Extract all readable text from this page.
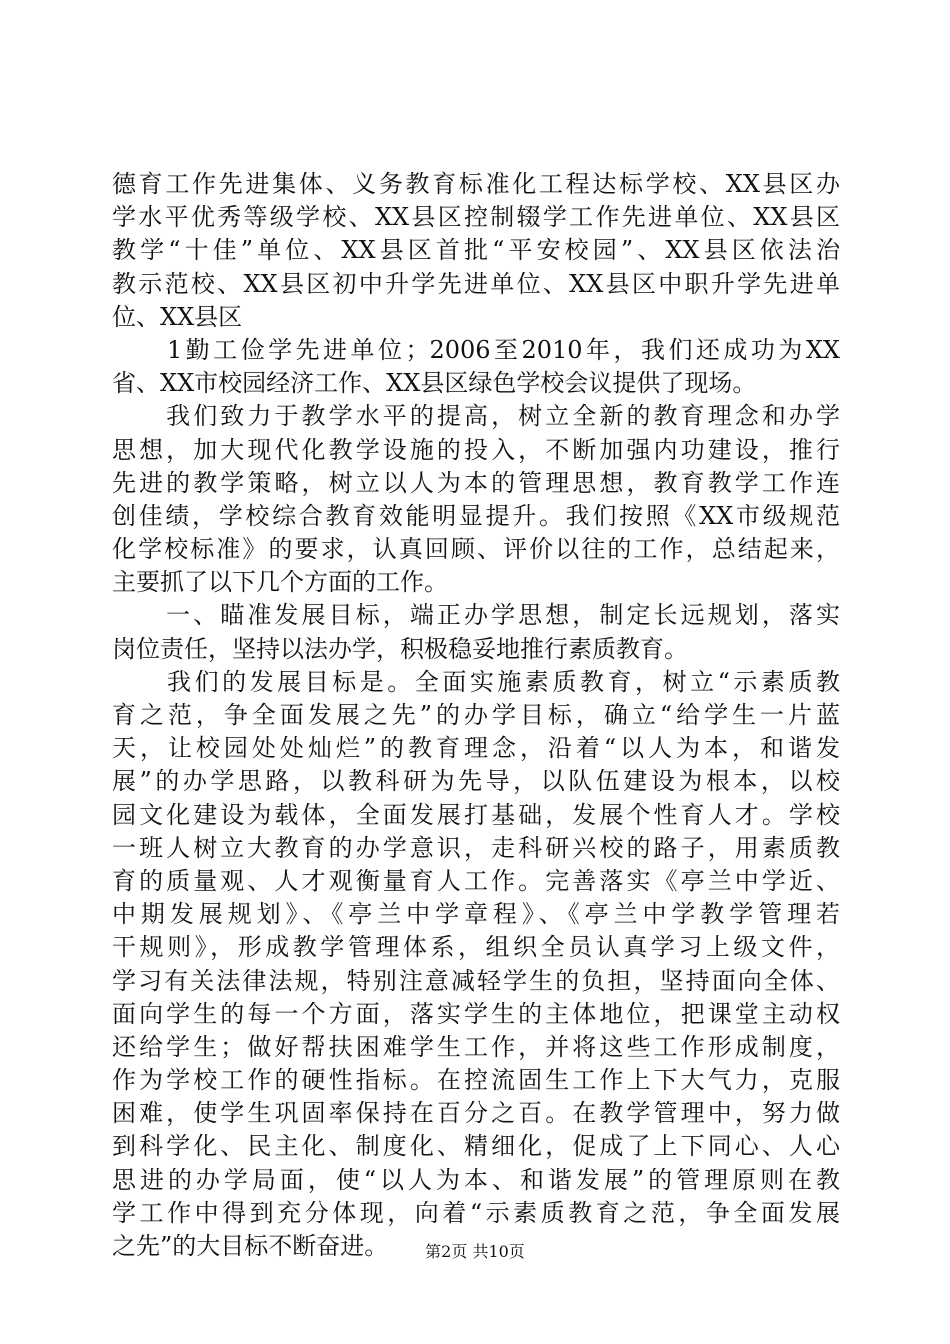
德育工作先进集体、义务教育标准化工程达标学校、XX县区办
学水平优秀等级学校、XX县区控制辍学工作先进单位、XX县区
教学“十佳”单位、XX县区首批“平安校园”、XX县区依法治
教示范校、XX县区初中升学先进单位、XX县区中职升学先进单
位、XX县区
　　1勤工俭学先进单位；2006至2010年，我们还成功为XX
省、XX市校园经济工作、XX县区绿色学校会议提供了现场。
　　我们致力于教学水平的提高，树立全新的教育理念和办学
思想，加大现代化教学设施的投入，不断加强内功建设，推行
先进的教学策略，树立以人为本的管理思想，教育教学工作连
创佳绩，学校综合教育效能明显提升。我们按照《XX市级规范
化学校标准》的要求，认真回顾、评价以往的工作，总结起来，
主要抓了以下几个方面的工作。
　　一、瞄准发展目标，端正办学思想，制定长远规划，落实
岗位责任，坚持以法办学，积极稳妥地推行素质教育。
　　我们的发展目标是。全面实施素质教育，树立“示素质教
育之范，争全面发展之先”的办学目标，确立“给学生一片蓝
天，让校园处处灿烂”的教育理念，沿着“以人为本，和谐发
展”的办学思路，以教科研为先导，以队伍建设为根本，以校
园文化建设为载体，全面发展打基础，发展个性育人才。学校
一班人树立大教育的办学意识，走科研兴校的路子，用素质教
育的质量观、人才观衡量育人工作。完善落实《亭兰中学近、
中期发展规划》、《亭兰中学章程》、《亭兰中学教学管理若
干规则》，形成教学管理体系，组织全员认真学习上级文件，
学习有关法律法规，特别注意减轻学生的负担，坚持面向全体、
面向学生的每一个方面，落实学生的主体地位，把课堂主动权
还给学生；做好帮扶困难学生工作，并将这些工作形成制度，
作为学校工作的硬性指标。在控流固生工作上下大气力，克服
困难，使学生巩固率保持在百分之百。在教学管理中，努力做
到科学化、民主化、制度化、精细化，促成了上下同心、人心
思进的办学局面，使“以人为本、和谐发展”的管理原则在教
学工作中得到充分体现，向着“示素质教育之范，争全面发展
之先”的大目标不断奋进。	第2页 共10页
